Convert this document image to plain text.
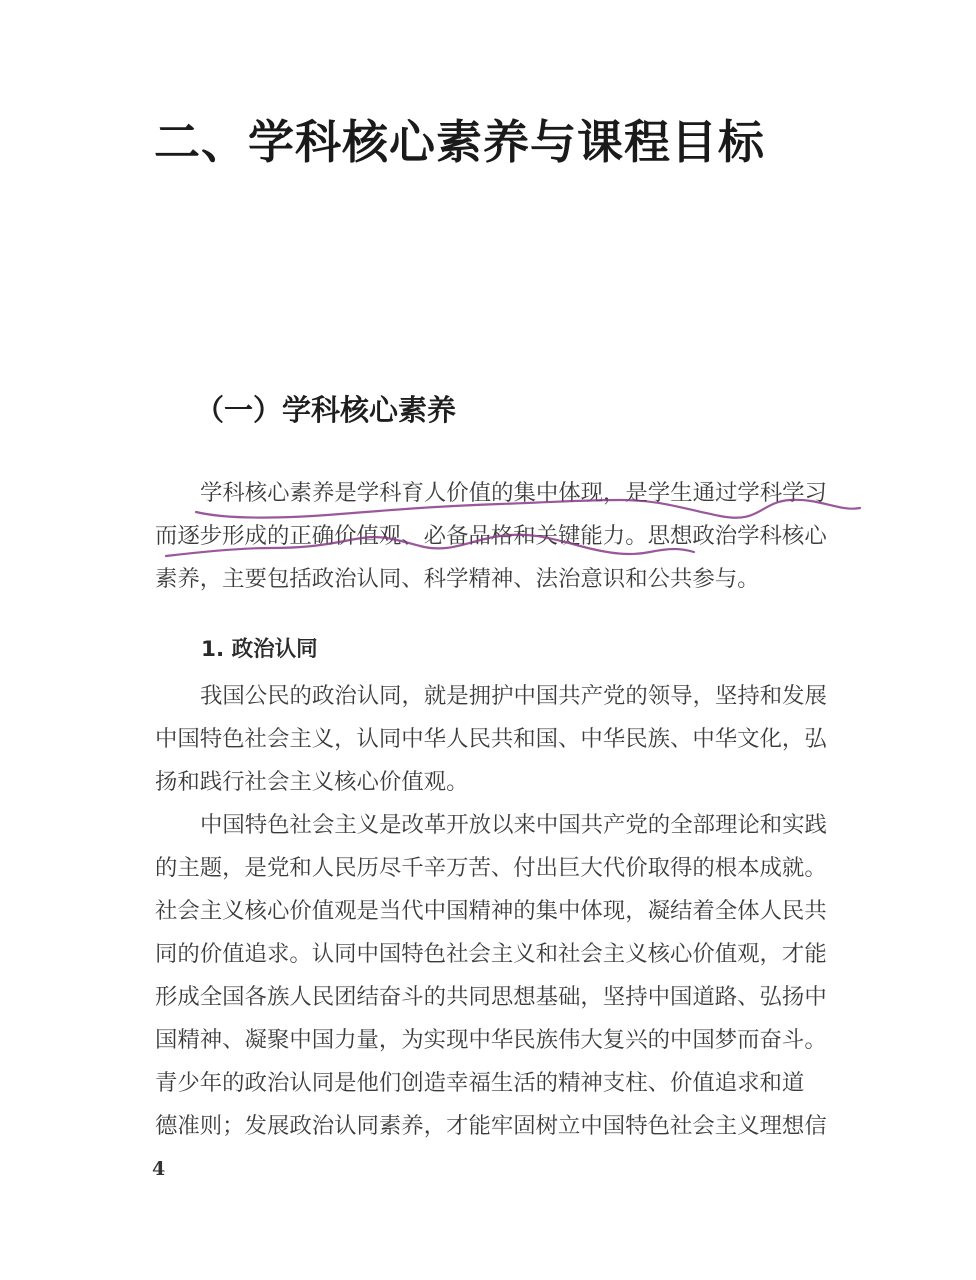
二、学科核心素养与课程目标
（一）学科核心素养

学科核心素养是学科育人价值的集中体现，是学生通过学科学习
而逐步形成的正确价值观、必备品格和关键能力。思想政治学科核心
素养，主要包括政治认同、科学精神、法治意识和公共参与。

1. 政治认同

我国公民的政治认同，就是拥护中国共产党的领导，坚持和发展
中国特色社会主义，认同中华人民共和国、中华民族、中华文化，弘
扬和践行社会主义核心价值观。

中国特色社会主义是改革开放以来中国共产党的全部理论和实践
的主题，是党和人民历尽千辛万苦、付出巨大代价取得的根本成就。
社会主义核心价值观是当代中国精神的集中体现，凝结着全体人民共
同的价值追求。认同中国特色社会主义和社会主义核心价值观，才能
形成全国各族人民团结奋斗的共同思想基础，坚持中国道路、弘扬中
国精神、凝聚中国力量，为实现中华民族伟大复兴的中国梦而奋斗。
青少年的政治认同是他们创造幸福生活的精神支柱、价值追求和道
德准则；发展政治认同素养，才能牢固树立中国特色社会主义理想信

4
